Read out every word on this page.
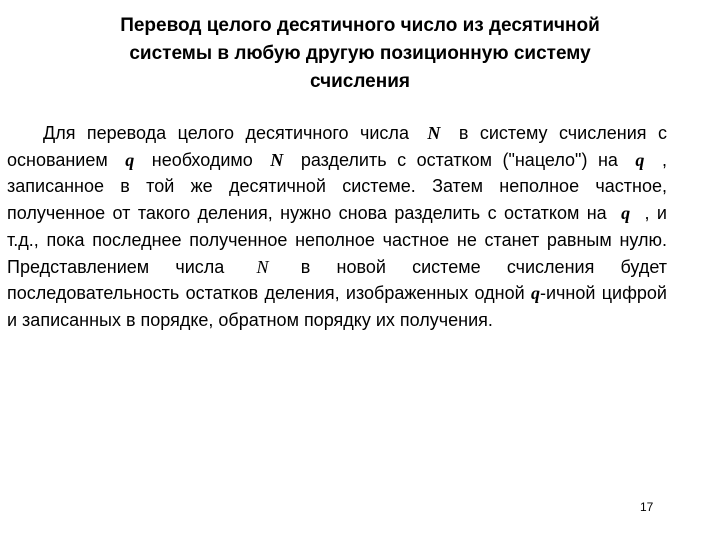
Перевод целого десятичного число из десятичной
системы в любую другую позиционную систему
счисления

Для перевода целого десятичного числа N в систему счисления с основанием q необходимо N разделить с остатком ("нацело") на q , записанное в той же десятичной системе. Затем неполное частное, полученное от такого деления, нужно снова разделить с остатком на q , и т.д., пока последнее полученное неполное частное не станет равным нулю. Представлением числа N в новой системе счисления будет последовательность остатков деления, изображенных одной q-ичной цифрой и записанных в порядке, обратном порядку их получения.

17
